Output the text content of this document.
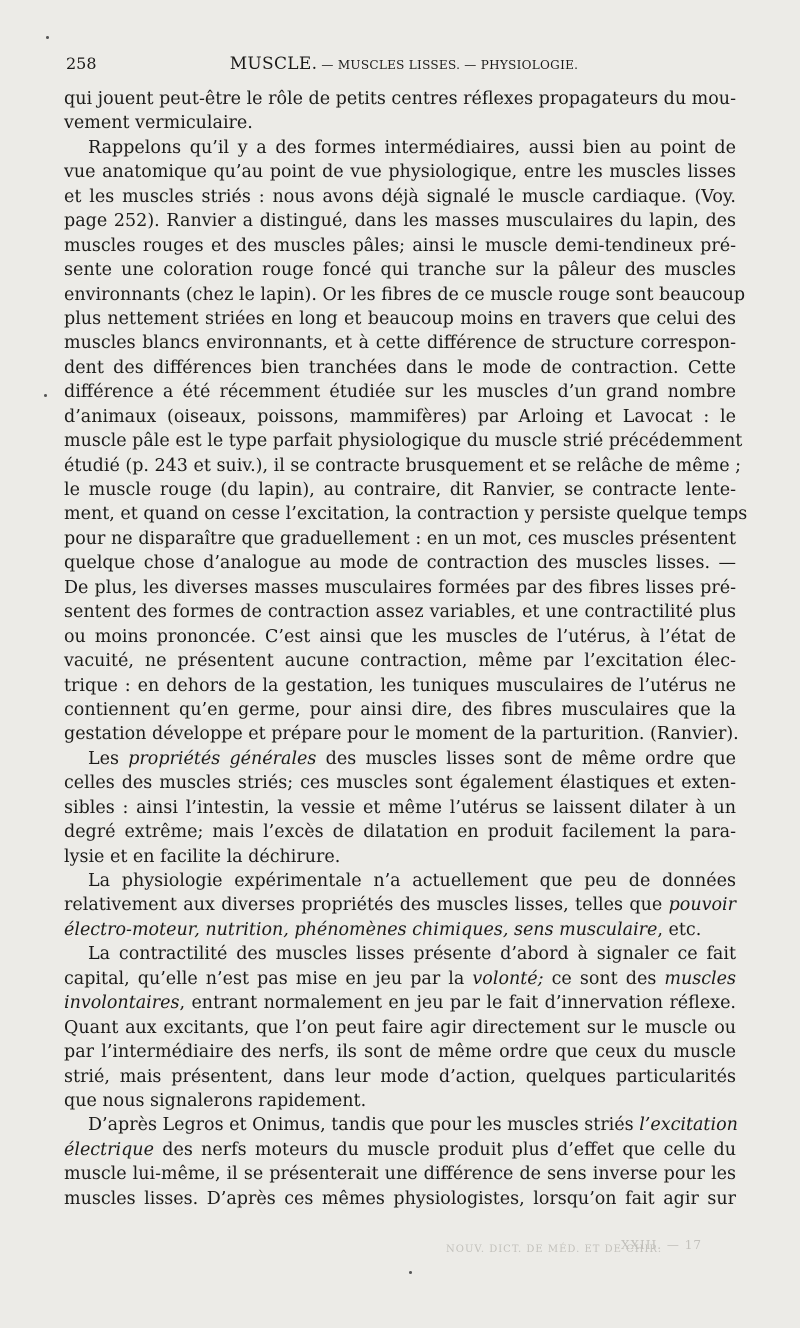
258	MUSCLE. — MUSCLES LISSES. — PHYSIOLOGIE.
qui jouent peut-être le rôle de petits centres réflexes propagateurs du mou-
vement vermiculaire.
Rappelons qu’il y a des formes intermédiaires, aussi bien au point de
vue anatomique qu’au point de vue physiologique, entre les muscles lisses
et les muscles striés : nous avons déjà signalé le muscle cardiaque. (Voy.
page 252). Ranvier a distingué, dans les masses musculaires du lapin, des
muscles rouges et des muscles pâles; ainsi le muscle demi-tendineux pré-
sente une coloration rouge foncé qui tranche sur la pâleur des muscles
environnants (chez le lapin). Or les fibres de ce muscle rouge sont beaucoup
plus nettement striées en long et beaucoup moins en travers que celui des
muscles blancs environnants, et à cette différence de structure correspon-
dent des différences bien tranchées dans le mode de contraction. Cette
différence a été récemment étudiée sur les muscles d’un grand nombre
d’animaux (oiseaux, poissons, mammifères) par Arloing et Lavocat : le
muscle pâle est le type parfait physiologique du muscle strié précédemment
étudié (p. 243 et suiv.), il se contracte brusquement et se relâche de même ;
le muscle rouge (du lapin), au contraire, dit Ranvier, se contracte lente-
ment, et quand on cesse l’excitation, la contraction y persiste quelque temps
pour ne disparaître que graduellement : en un mot, ces muscles présentent
quelque chose d’analogue au mode de contraction des muscles lisses. —
De plus, les diverses masses musculaires formées par des fibres lisses pré-
sentent des formes de contraction assez variables, et une contractilité plus
ou moins prononcée. C’est ainsi que les muscles de l’utérus, à l’état de
vacuité, ne présentent aucune contraction, même par l’excitation élec-
trique : en dehors de la gestation, les tuniques musculaires de l’utérus ne
contiennent qu’en germe, pour ainsi dire, des fibres musculaires que la
gestation développe et prépare pour le moment de la parturition. (Ranvier).
Les propriétés générales des muscles lisses sont de même ordre que
celles des muscles striés; ces muscles sont également élastiques et exten-
sibles : ainsi l’intestin, la vessie et même l’utérus se laissent dilater à un
degré extrême; mais l’excès de dilatation en produit facilement la para-
lysie et en facilite la déchirure.
La physiologie expérimentale n’a actuellement que peu de données
relativement aux diverses propriétés des muscles lisses, telles que pouvoir
électro-moteur, nutrition, phénomènes chimiques, sens musculaire, etc.
La contractilité des muscles lisses présente d’abord à signaler ce fait
capital, qu’elle n’est pas mise en jeu par la volonté; ce sont des muscles
involontaires, entrant normalement en jeu par le fait d’innervation réflexe.
Quant aux excitants, que l’on peut faire agir directement sur le muscle ou
par l’intermédiaire des nerfs, ils sont de même ordre que ceux du muscle
strié, mais présentent, dans leur mode d’action, quelques particularités
que nous signalerons rapidement.
D’après Legros et Onimus, tandis que pour les muscles striés l’excitation
électrique des nerfs moteurs du muscle produit plus d’effet que celle du
muscle lui-même, il se présenterait une différence de sens inverse pour les
muscles lisses. D’après ces mêmes physiologistes, lorsqu’on fait agir sur
NOUV. DICT. DE MÉD. ET DE CHIR.
XXIII. — 17
